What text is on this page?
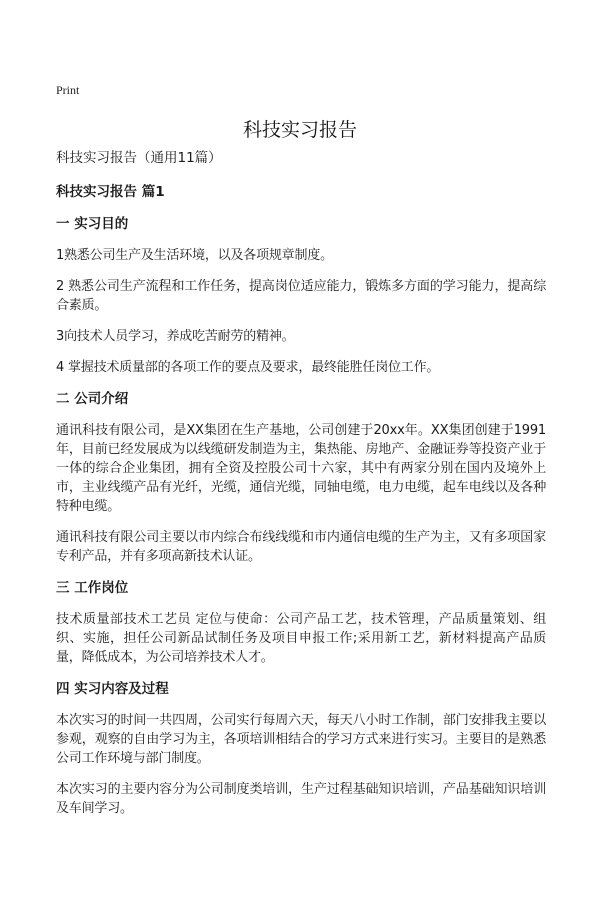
Print
科技实习报告

科技实习报告（通用11篇）

科技实习报告 篇1

一 实习目的

1熟悉公司生产及生活环境，以及各项规章制度。

2 熟悉公司生产流程和工作任务，提高岗位适应能力，锻炼多方面的学习能力，提高综合素质。

3向技术人员学习，养成吃苦耐劳的精神。

4 掌握技术质量部的各项工作的要点及要求，最终能胜任岗位工作。

二 公司介绍

通讯科技有限公司，是XX集团在生产基地，公司创建于20xx年。XX集团创建于1991年，目前已经发展成为以线缆研发制造为主，集热能、房地产、金融证券等投资产业于一体的综合企业集团，拥有全资及控股公司十六家，其中有两家分别在国内及境外上市，主业线缆产品有光纤，光缆，通信光缆，同轴电缆，电力电缆，起车电线以及各种特种电缆。

通讯科技有限公司主要以市内综合布线线缆和市内通信电缆的生产为主，又有多项国家专利产品，并有多项高新技术认证。

三 工作岗位

技术质量部技术工艺员 定位与使命：公司产品工艺，技术管理，产品质量策划、组织、实施，担任公司新品试制任务及项目申报工作;采用新工艺，新材料提高产品质量，降低成本，为公司培养技术人才。

四 实习内容及过程

本次实习的时间一共四周，公司实行每周六天，每天八小时工作制，部门安排我主要以参观，观察的自由学习为主，各项培训相结合的学习方式来进行实习。主要目的是熟悉公司工作环境与部门制度。

本次实习的主要内容分为公司制度类培训，生产过程基础知识培训，产品基础知识培训及车间学习。
